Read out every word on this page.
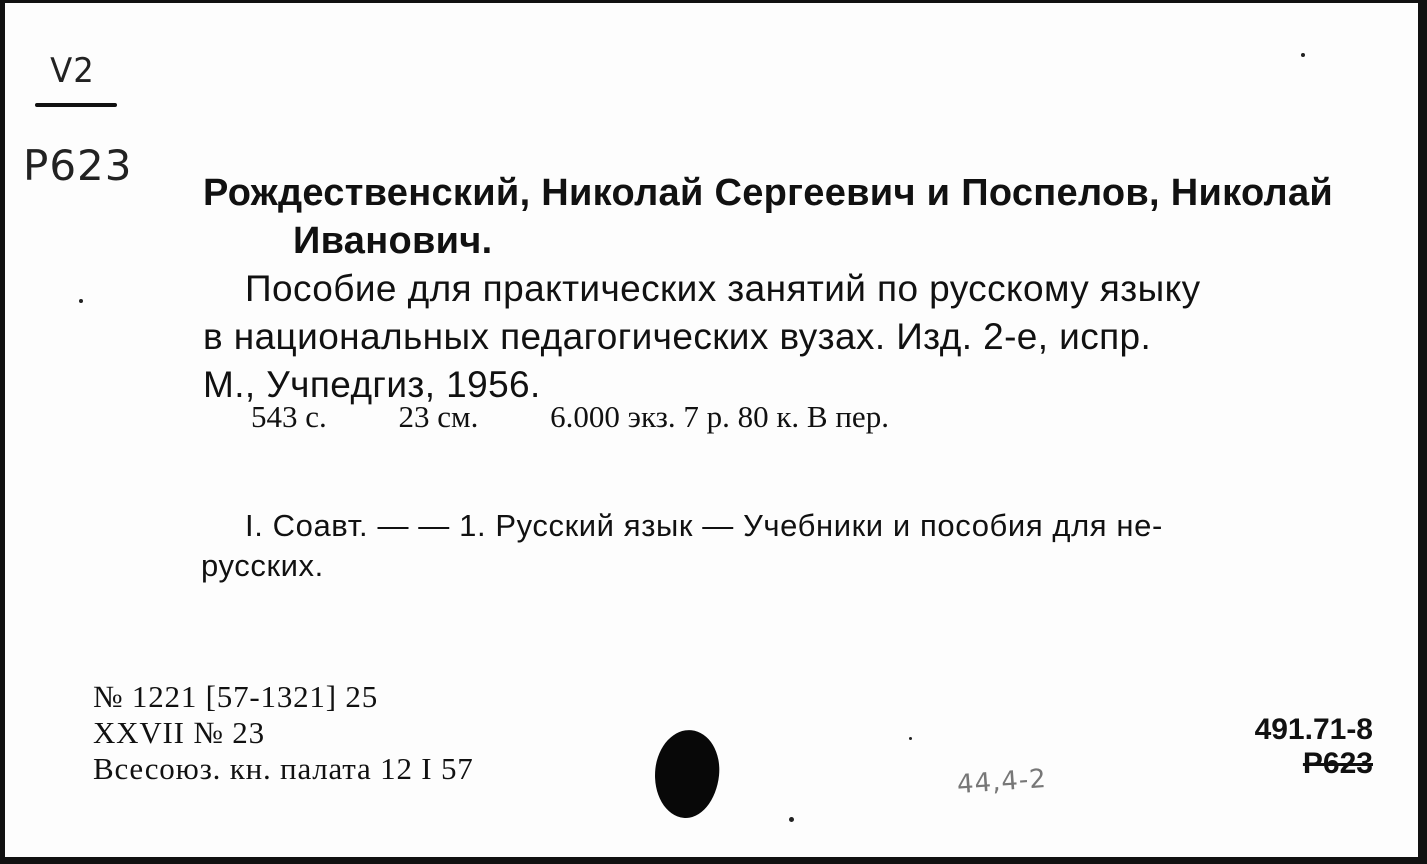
V2
P623
Рождественский, Николай Сергеевич и Поспелов, Николай
Иванович.
Пособие для практических занятий по русскому языку
в национальных педагогических вузах. Изд. 2-е, испр.
М., Учпедгиз, 1956.
543 с. 23 см. 6.000 экз. 7 р. 80 к. В пер.
I. Соавт. — — 1. Русский язык — Учебники и пособия для не-
русских.
№ 1221 [57-1321] 25
XXVII № 23
Всесоюз. кн. палата 12 I 57
491.71-8
P623
44,4-2
